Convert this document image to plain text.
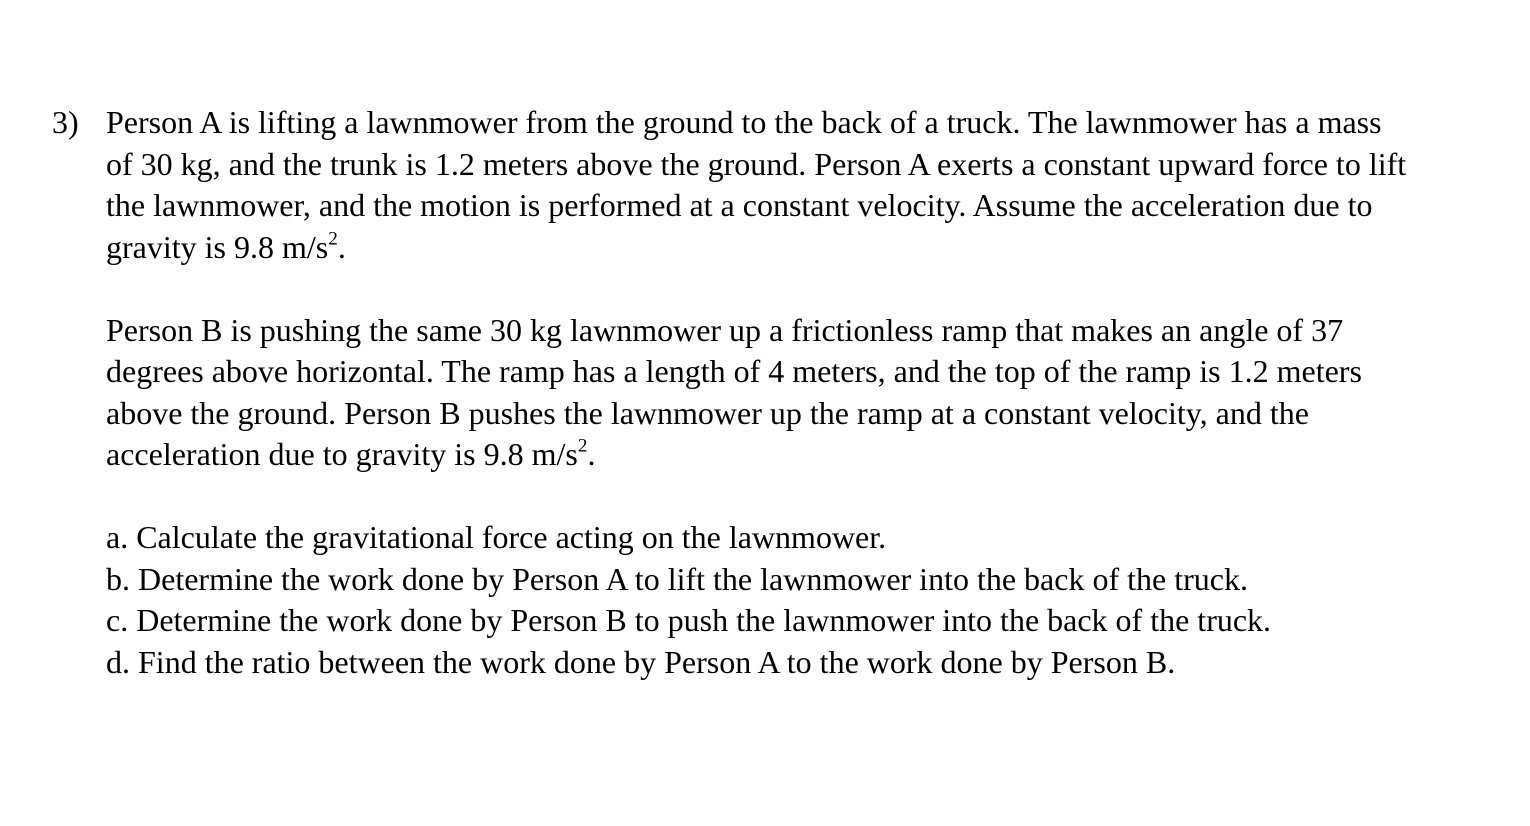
3) Person A is lifting a lawnmower from the ground to the back of a truck. The lawnmower has a mass of 30 kg, and the trunk is 1.2 meters above the ground. Person A exerts a constant upward force to lift the lawnmower, and the motion is performed at a constant velocity. Assume the acceleration due to gravity is 9.8 $m/s^2$.

Person B is pushing the same 30 kg lawnmower up a frictionless ramp that makes an angle of 37 degrees above horizontal. The ramp has a length of 4 meters, and the top of the ramp is 1.2 meters above the ground. Person B pushes the lawnmower up the ramp at a constant velocity, and the acceleration due to gravity is 9.8 $m/s^2$.

a. Calculate the gravitational force acting on the lawnmower.
b. Determine the work done by Person A to lift the lawnmower into the back of the truck.
c. Determine the work done by Person B to push the lawnmower into the back of the truck.
d. Find the ratio between the work done by Person A to the work done by Person B.
